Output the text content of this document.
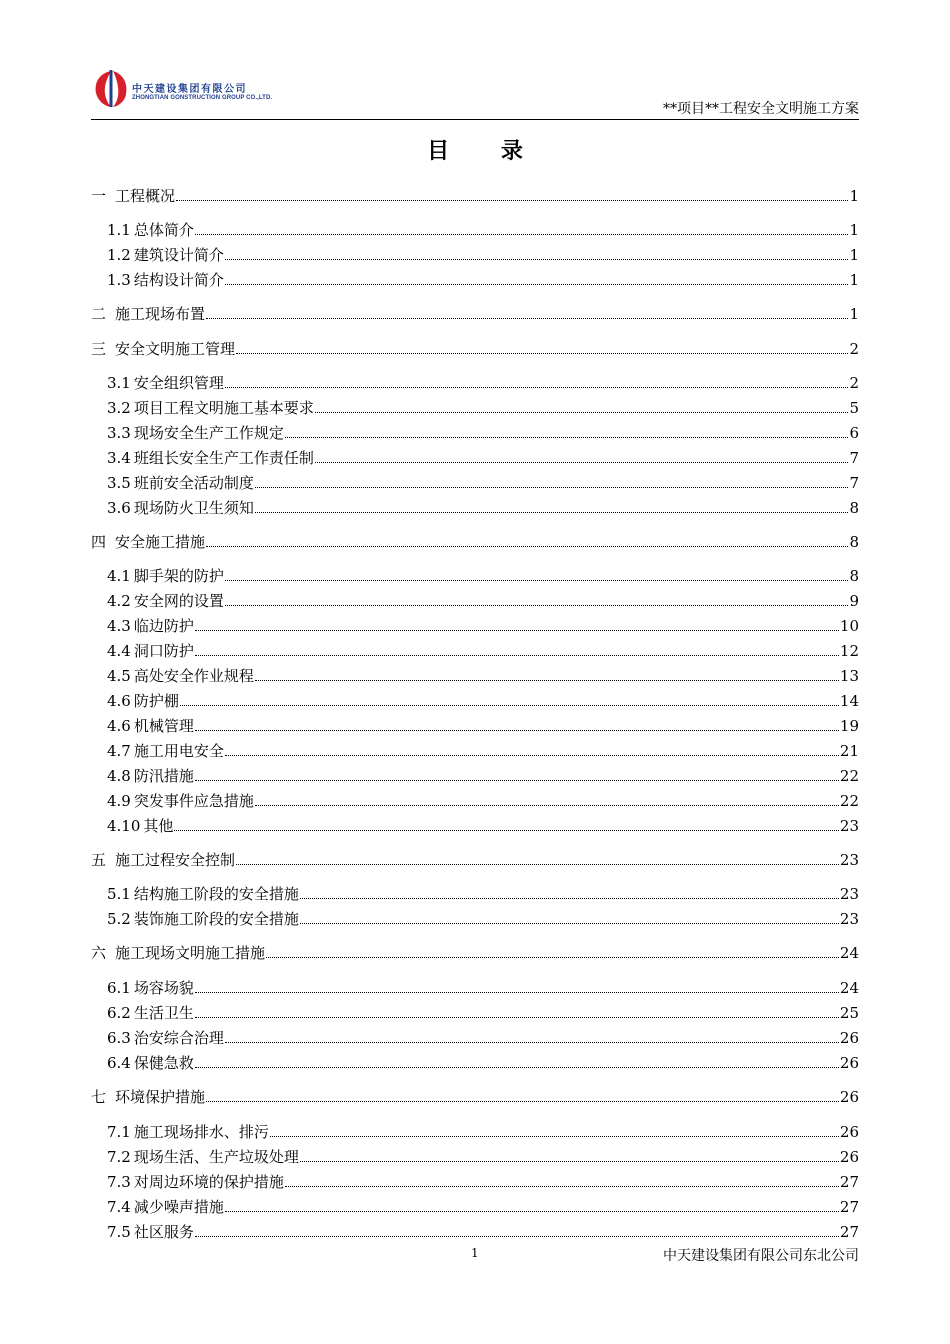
中天建设集团有限公司
ZHONGTIAN GONSTRUCTION GROUP CO.,LTD.
**项目**工程安全文明施工方案
目 录
一 工程概况	1
1.1 总体简介	1
1.2 建筑设计简介	1
1.3 结构设计简介	1
二 施工现场布置	1
三 安全文明施工管理	2
3.1 安全组织管理	2
3.2 项目工程文明施工基本要求	5
3.3 现场安全生产工作规定	6
3.4 班组长安全生产工作责任制	7
3.5 班前安全活动制度	7
3.6 现场防火卫生须知	8
四 安全施工措施	8
4.1 脚手架的防护	8
4.2 安全网的设置	9
4.3 临边防护	10
4.4 洞口防护	12
4.5 高处安全作业规程	13
4.6 防护棚	14
4.6 机械管理	19
4.7 施工用电安全	21
4.8 防汛措施	22
4.9 突发事件应急措施	22
4.10 其他	23
五 施工过程安全控制	23
5.1 结构施工阶段的安全措施	23
5.2 装饰施工阶段的安全措施	23
六 施工现场文明施工措施	24
6.1 场容场貌	24
6.2 生活卫生	25
6.3 治安综合治理	26
6.4 保健急救	26
七 环境保护措施	26
7.1 施工现场排水、排污	26
7.2 现场生活、生产垃圾处理	26
7.3 对周边环境的保护措施	27
7.4 减少噪声措施	27
7.5 社区服务	27
1	中天建设集团有限公司东北公司
